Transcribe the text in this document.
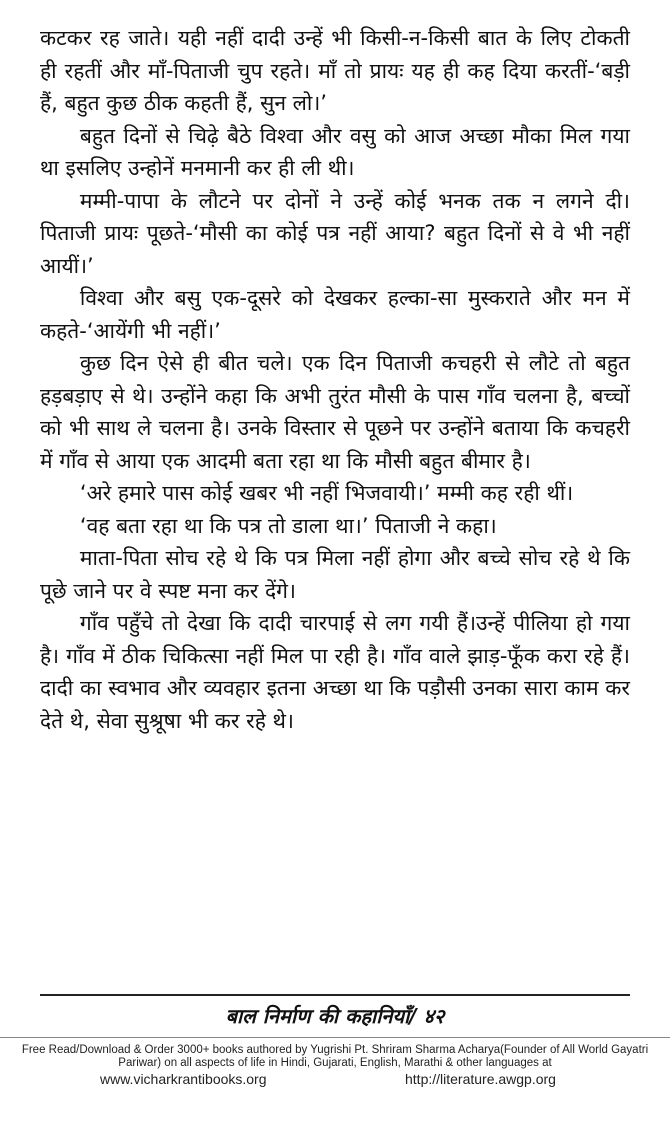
कटकर रह जाते। यही नहीं दादी उन्हें भी किसी-न-किसी बात के लिए टोकती ही रहतीं और माँ-पिताजी चुप रहते। माँ तो प्रायः यह ही कह दिया करतीं-‘बड़ी हैं, बहुत कुछ ठीक कहती हैं, सुन लो।’

बहुत दिनों से चिढ़े बैठे विश्वा और वसु को आज अच्छा मौका मिल गया था इसलिए उन्होनें मनमानी कर ही ली थी।

मम्मी-पापा के लौटने पर दोनों ने उन्हें कोई भनक तक न लगने दी। पिताजी प्रायः पूछते-‘मौसी का कोई पत्र नहीं आया? बहुत दिनों से वे भी नहीं आयीं।’

विश्वा और बसु एक-दूसरे को देखकर हल्का-सा मुस्कराते और मन में कहते-‘आयेंगी भी नहीं।’

कुछ दिन ऐसे ही बीत चले। एक दिन पिताजी कचहरी से लौटे तो बहुत हड़बड़ाए से थे। उन्होंने कहा कि अभी तुरंत मौसी के पास गाँव चलना है, बच्चों को भी साथ ले चलना है। उनके विस्तार से पूछने पर उन्होंने बताया कि कचहरी में गाँव से आया एक आदमी बता रहा था कि मौसी बहुत बीमार है।

‘अरे हमारे पास कोई खबर भी नहीं भिजवायी।’ मम्मी कह रही थीं।

‘वह बता रहा था कि पत्र तो डाला था।’ पिताजी ने कहा।

माता-पिता सोच रहे थे कि पत्र मिला नहीं होगा और बच्चे सोच रहे थे कि पूछे जाने पर वे स्पष्ट मना कर देंगे।

गाँव पहुँचे तो देखा कि दादी चारपाई से लग गयी हैं।उन्हें पीलिया हो गया है। गाँव में ठीक चिकित्सा नहीं मिल पा रही है। गाँव वाले झाड़-फूँक करा रहे हैं। दादी का स्वभाव और व्यवहार इतना अच्छा था कि पड़ौसी उनका सारा काम कर देते थे, सेवा सुश्रूषा भी कर रहे थे।

बाल निर्माण की कहानियाँ/ ४२
Free Read/Download & Order 3000+ books authored by Yugrishi Pt. Shriram Sharma Acharya(Founder of All World Gayatri Pariwar) on all aspects of life in Hindi, Gujarati, English, Marathi & other languages at
www.vicharkrantibooks.org	http://literature.awgp.org
